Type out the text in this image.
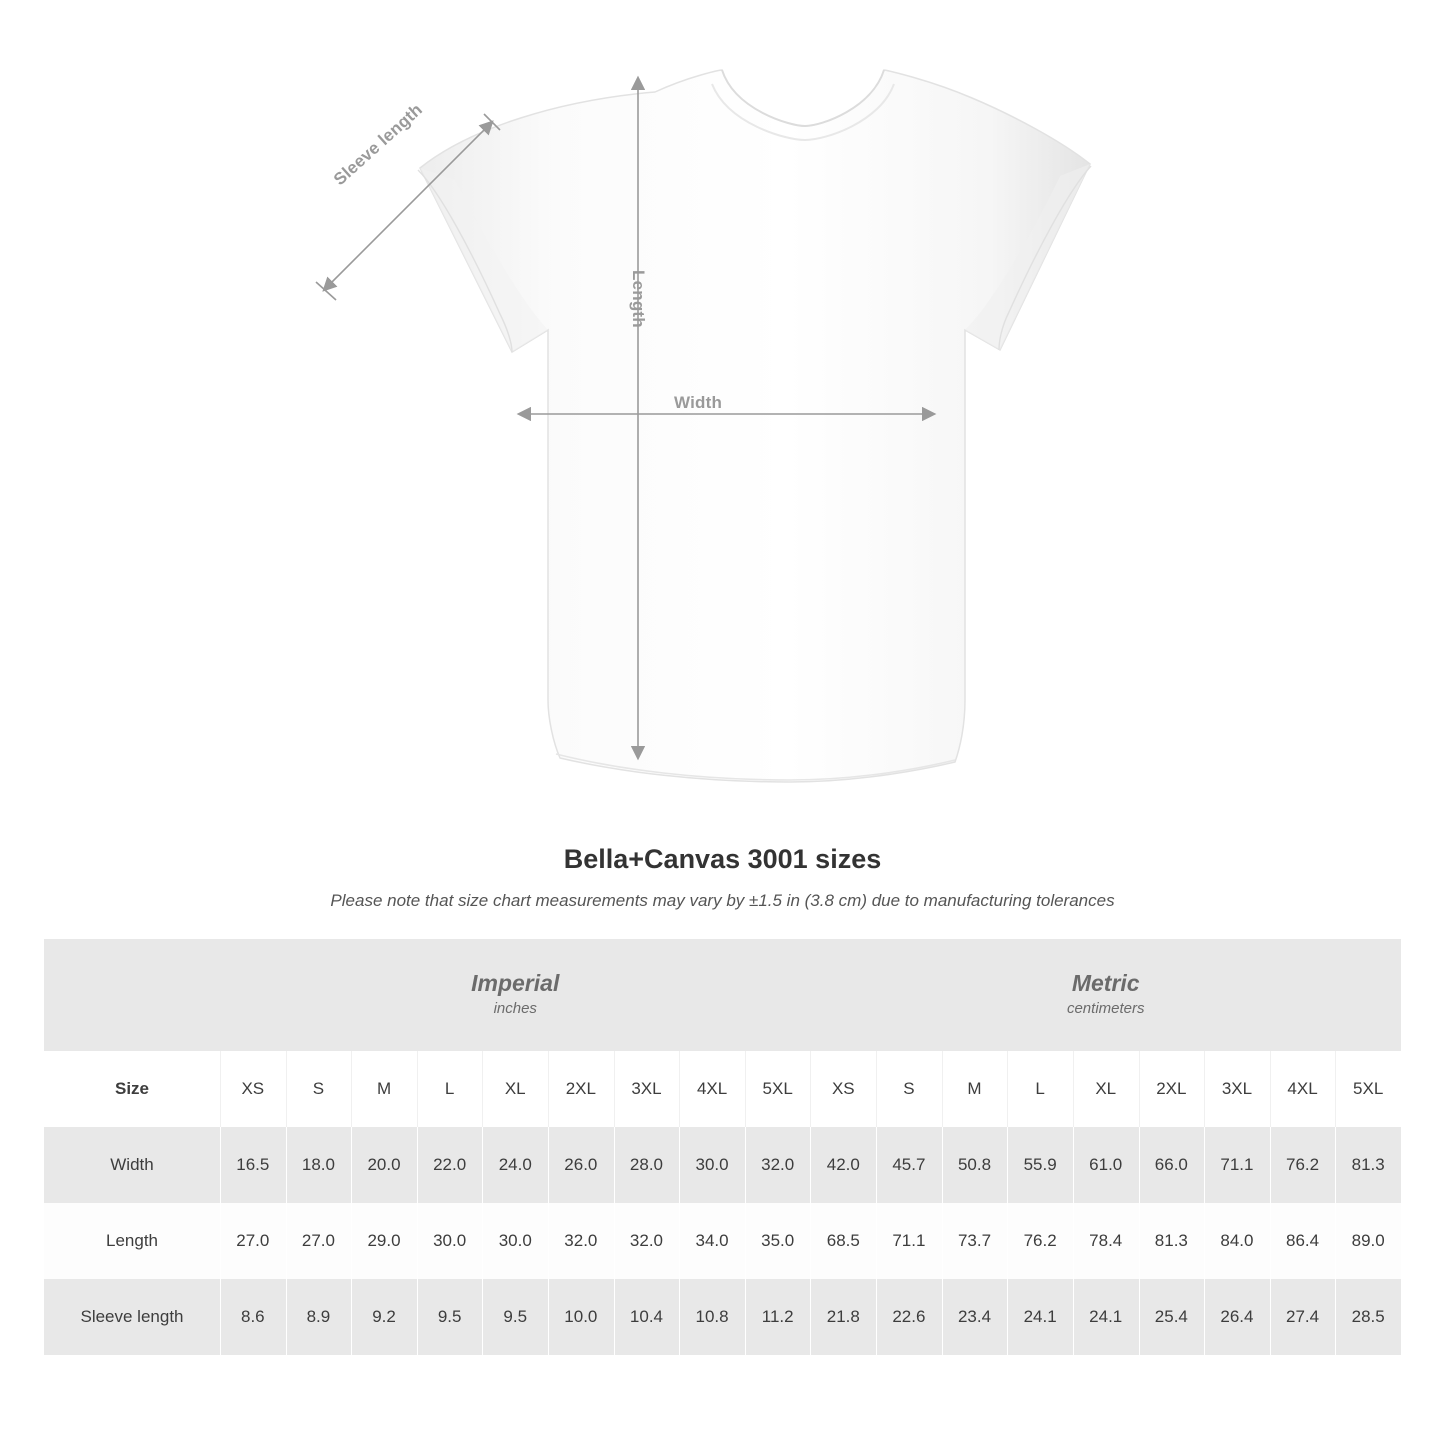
Sleeve length
Length
Width
Bella+Canvas 3001 sizes

Please note that size chart measurements may vary by ±1.5 in (3.8 cm) due to manufacturing tolerances

Imperial
inches

Metric
centimeters

Size	XS	S	M	L	XL	2XL	3XL	4XL	5XL	XS	S	M	L	XL	2XL	3XL	4XL	5XL
Width	16.5	18.0	20.0	22.0	24.0	26.0	28.0	30.0	32.0	42.0	45.7	50.8	55.9	61.0	66.0	71.1	76.2	81.3
Length	27.0	27.0	29.0	30.0	30.0	32.0	32.0	34.0	35.0	68.5	71.1	73.7	76.2	78.4	81.3	84.0	86.4	89.0
Sleeve length	8.6	8.9	9.2	9.5	9.5	10.0	10.4	10.8	11.2	21.8	22.6	23.4	24.1	24.1	25.4	26.4	27.4	28.5
